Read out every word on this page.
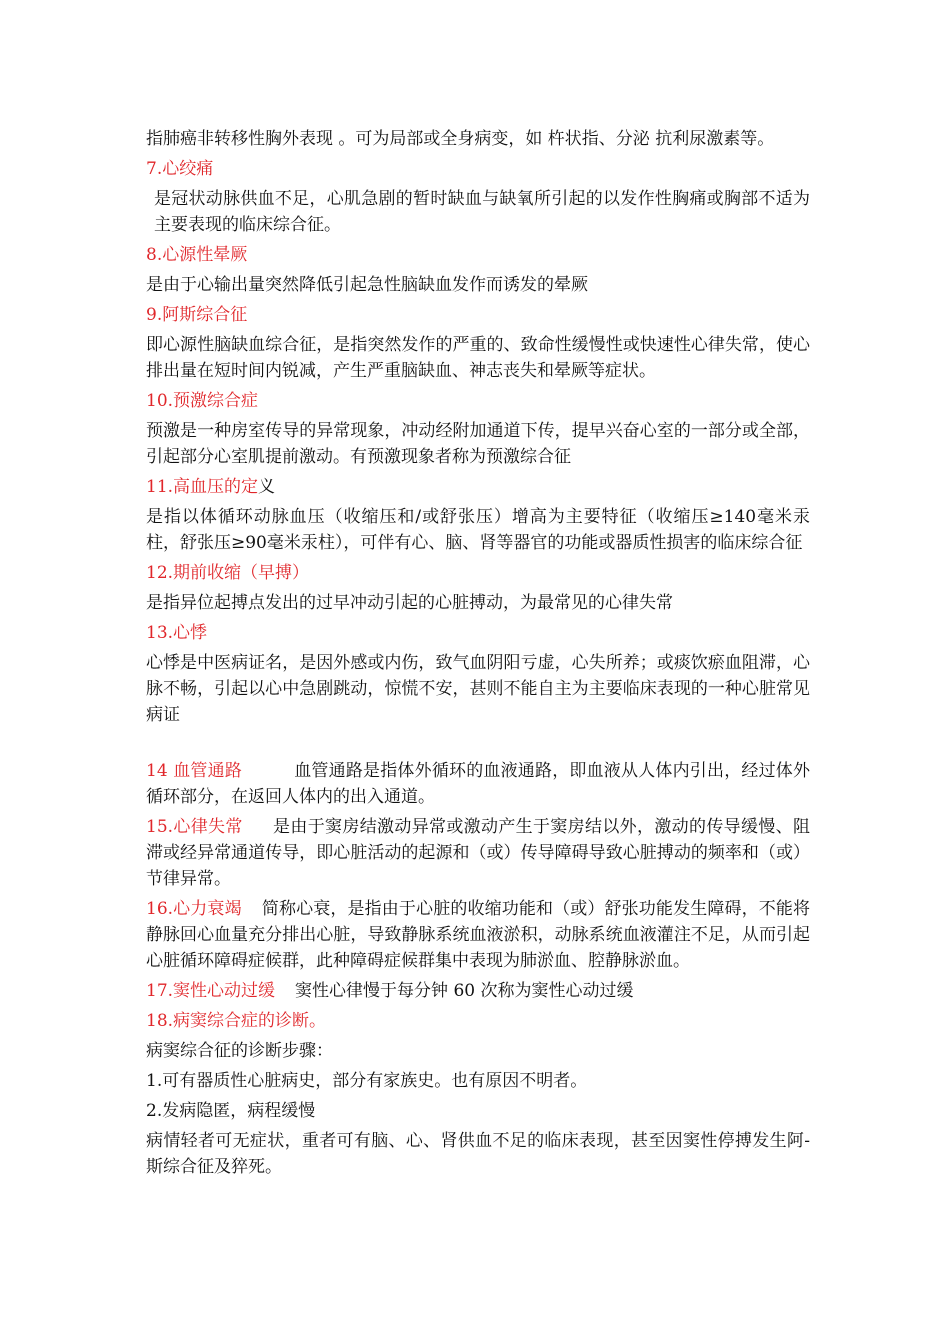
指肺癌非转移性胸外表现 。可为局部或全身病变，如 杵状指、分泌 抗利尿激素等。

7.心绞痛

是冠状动脉供血不足，心肌急剧的暂时缺血与缺氧所引起的以发作性胸痛或胸部不适为主要表现的临床综合征。

8.心源性晕厥

是由于心输出量突然降低引起急性脑缺血发作而诱发的晕厥

9.阿斯综合征

即心源性脑缺血综合征，是指突然发作的严重的、致命性缓慢性或快速性心律失常，使心排出量在短时间内锐减，产生严重脑缺血、神志丧失和晕厥等症状。

10.预激综合症

预激是一种房室传导的异常现象，冲动经附加通道下传，提早兴奋心室的一部分或全部，引起部分心室肌提前激动。有预激现象者称为预激综合征

11.高血压的定义

是指以体循环动脉血压（收缩压和/或舒张压）增高为主要特征（收缩压≥140毫米汞柱，舒张压≥90毫米汞柱），可伴有心、脑、肾等器官的功能或器质性损害的临床综合征

12.期前收缩（早搏）

是指异位起搏点发出的过早冲动引起的心脏搏动，为最常见的心律失常

13.心悸

心悸是中医病证名，是因外感或内伤，致气血阴阳亏虚，心失所养；或痰饮瘀血阻滞，心脉不畅，引起以心中急剧跳动，惊慌不安，甚则不能自主为主要临床表现的一种心脏常见病证

14 血管通路	血管通路是指体外循环的血液通路，即血液从人体内引出，经过体外循环部分，在返回人体内的出入通道。

15.心律失常 是由于窦房结激动异常或激动产生于窦房结以外，激动的传导缓慢、阻滞或经异常通道传导，即心脏活动的起源和（或）传导障碍导致心脏搏动的频率和（或）节律异常。

16.心力衰竭 简称心衰，是指由于心脏的收缩功能和（或）舒张功能发生障碍，不能将静脉回心血量充分排出心脏，导致静脉系统血液淤积，动脉系统血液灌注不足，从而引起心脏循环障碍症候群，此种障碍症候群集中表现为肺淤血、腔静脉淤血。

17.窦性心动过缓 窦性心律慢于每分钟 60 次称为窦性心动过缓

18.病窦综合症的诊断。

病窦综合征的诊断步骤：

1.可有器质性心脏病史，部分有家族史。也有原因不明者。

2.发病隐匿，病程缓慢

病情轻者可无症状，重者可有脑、心、肾供血不足的临床表现，甚至因窦性停搏发生阿-斯综合征及猝死。
